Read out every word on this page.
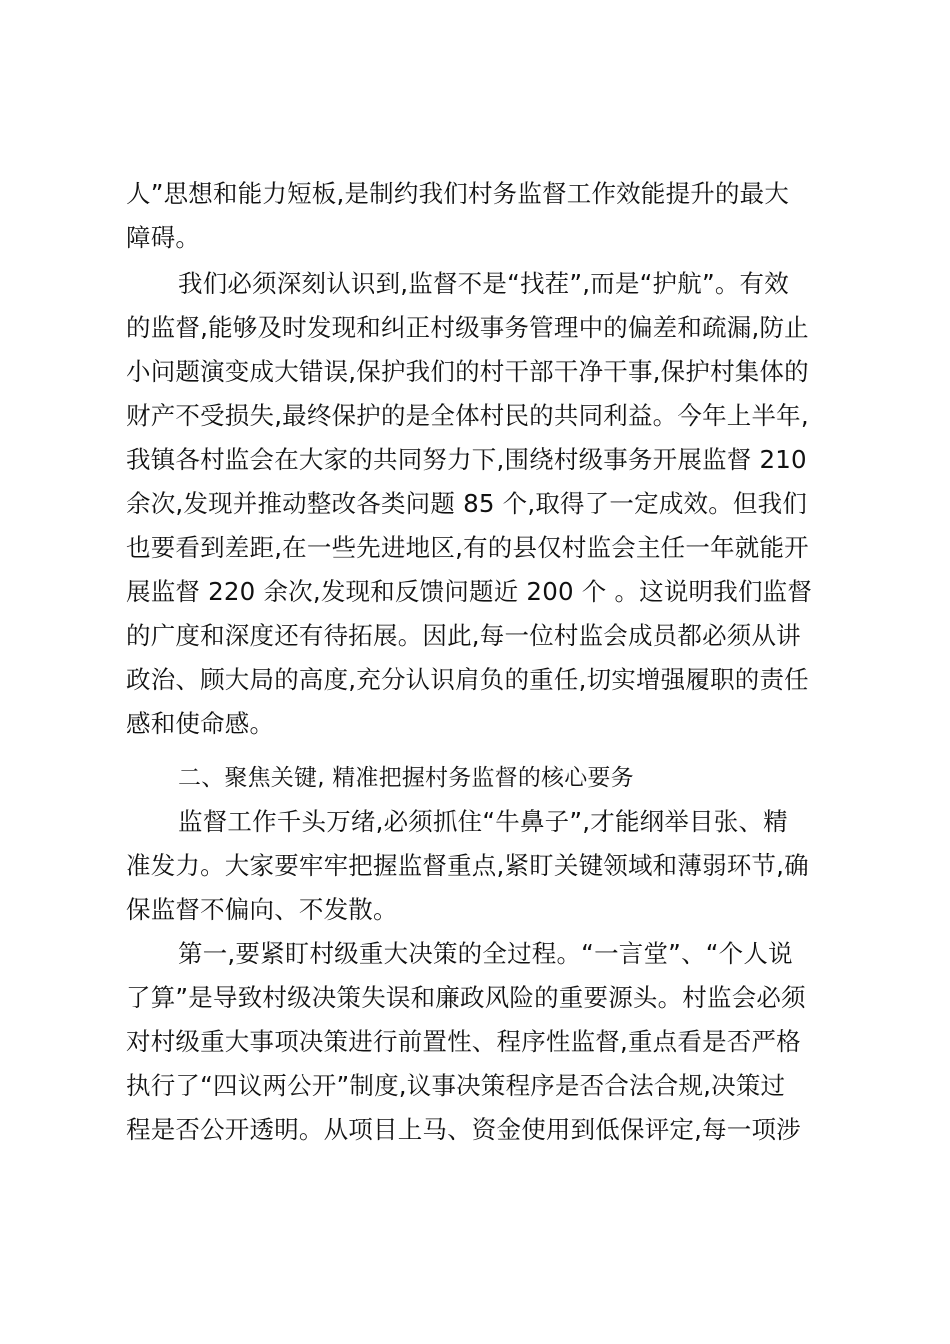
人”思想和能力短板,是制约我们村务监督工作效能提升的最大
障碍。
我们必须深刻认识到,监督不是“找茬”,而是“护航”。有效
的监督,能够及时发现和纠正村级事务管理中的偏差和疏漏,防止
小问题演变成大错误,保护我们的村干部干净干事,保护村集体的
财产不受损失,最终保护的是全体村民的共同利益。今年上半年,
我镇各村监会在大家的共同努力下,围绕村级事务开展监督 210
余次,发现并推动整改各类问题 85 个,取得了一定成效。但我们
也要看到差距,在一些先进地区,有的县仅村监会主任一年就能开
展监督 220 余次,发现和反馈问题近 200 个 。这说明我们监督
的广度和深度还有待拓展。因此,每一位村监会成员都必须从讲
政治、顾大局的高度,充分认识肩负的重任,切实增强履职的责任
感和使命感。
二、聚焦关键, 精准把握村务监督的核心要务
监督工作千头万绪,必须抓住“牛鼻子”,才能纲举目张、精
准发力。大家要牢牢把握监督重点,紧盯关键领域和薄弱环节,确
保监督不偏向、不发散。
第一,要紧盯村级重大决策的全过程。“一言堂”、“个人说
了算”是导致村级决策失误和廉政风险的重要源头。村监会必须
对村级重大事项决策进行前置性、程序性监督,重点看是否严格
执行了“四议两公开”制度,议事决策程序是否合法合规,决策过
程是否公开透明。从项目上马、资金使用到低保评定,每一项涉
